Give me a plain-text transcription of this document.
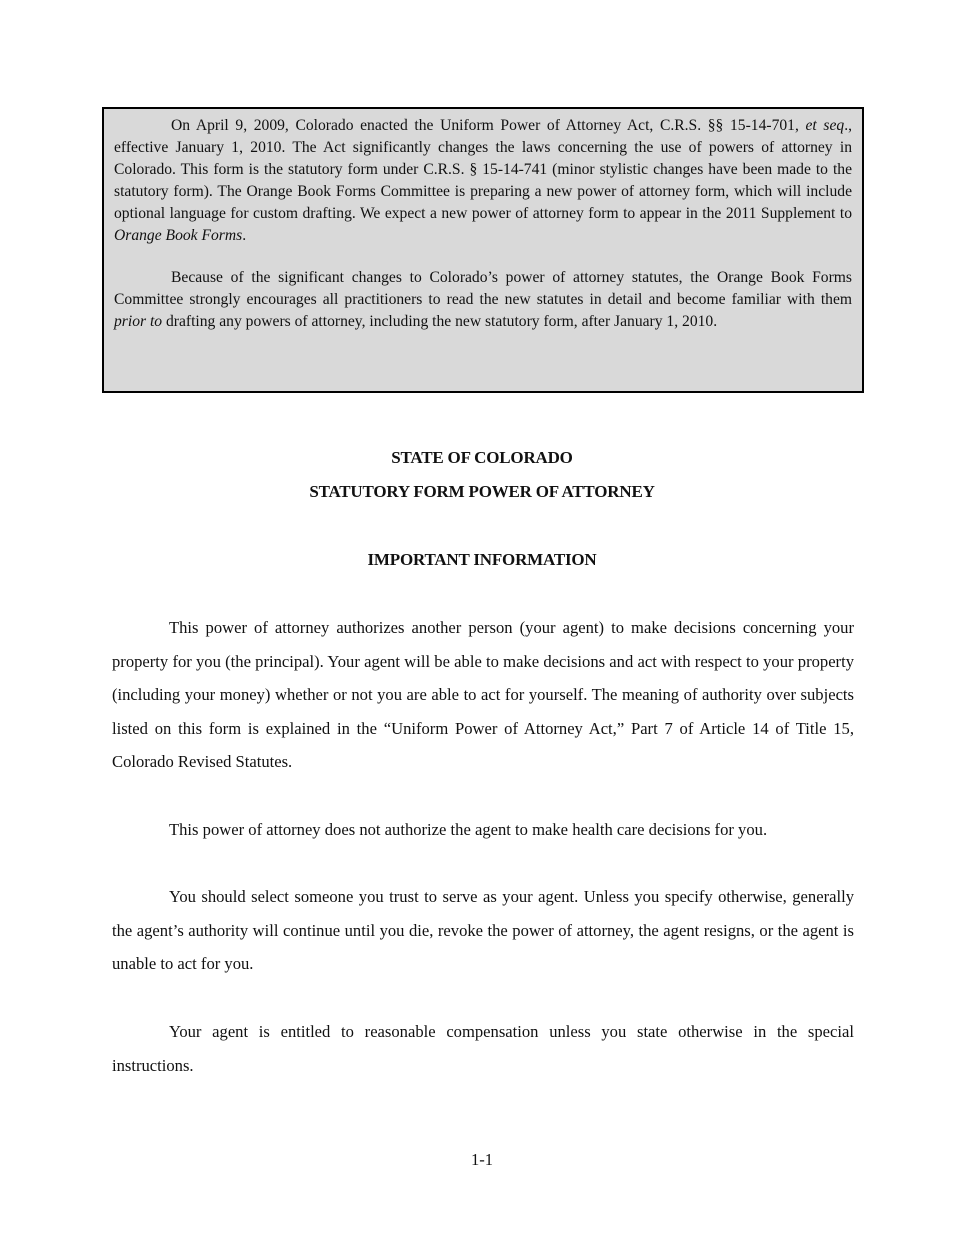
On April 9, 2009, Colorado enacted the Uniform Power of Attorney Act, C.R.S. §§ 15-14-701, et seq., effective January 1, 2010. The Act significantly changes the laws concerning the use of powers of attorney in Colorado. This form is the statutory form under C.R.S. § 15-14-741 (minor stylistic changes have been made to the statutory form). The Orange Book Forms Committee is preparing a new power of attorney form, which will include optional language for custom drafting. We expect a new power of attorney form to appear in the 2011 Supplement to Orange Book Forms.

Because of the significant changes to Colorado’s power of attorney statutes, the Orange Book Forms Committee strongly encourages all practitioners to read the new statutes in detail and become familiar with them prior to drafting any powers of attorney, including the new statutory form, after January 1, 2010.

STATE OF COLORADO
STATUTORY FORM POWER OF ATTORNEY
IMPORTANT INFORMATION

This power of attorney authorizes another person (your agent) to make decisions concerning your property for you (the principal). Your agent will be able to make decisions and act with respect to your property (including your money) whether or not you are able to act for yourself. The meaning of authority over subjects listed on this form is explained in the “Uniform Power of Attorney Act,” Part 7 of Article 14 of Title 15, Colorado Revised Statutes.

This power of attorney does not authorize the agent to make health care decisions for you.

You should select someone you trust to serve as your agent. Unless you specify otherwise, generally the agent’s authority will continue until you die, revoke the power of attorney, the agent resigns, or the agent is unable to act for you.

Your agent is entitled to reasonable compensation unless you state otherwise in the special instructions.

1-1
